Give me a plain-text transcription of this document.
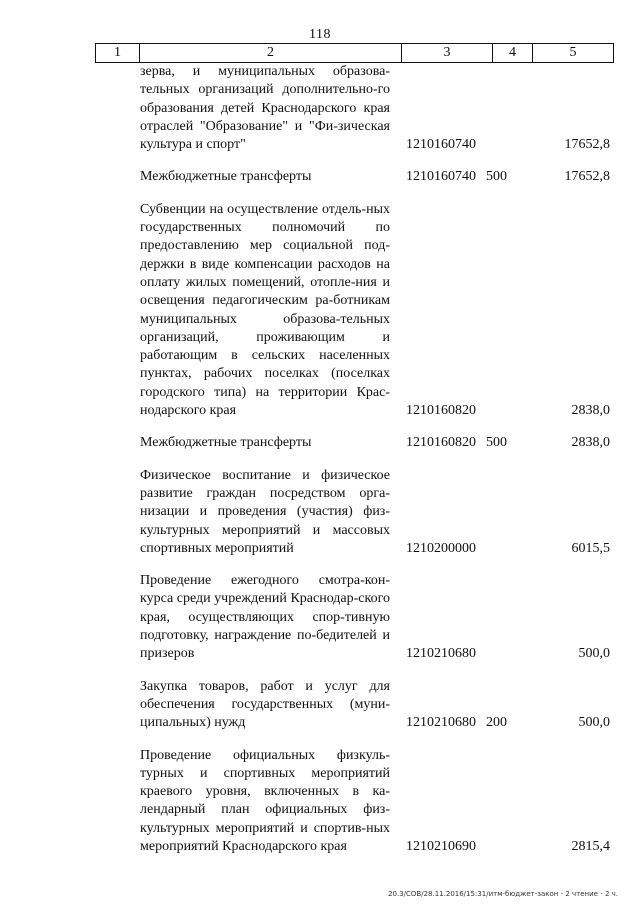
118
1	2	3	4	5
зерва, и муниципальных образова-тельных организаций дополнительно-го образования детей Краснодарского края отраслей "Образование" и "Фи-зическая культура и спорт"	1210160740	17652,8
Межбюджетные трансферты	1210160740 500	17652,8
Субвенции на осуществление отдель-ных государственных полномочий по предоставлению мер социальной под-держки в виде компенсации расходов на оплату жилых помещений, отопле-ния и освещения педагогическим ра-ботникам муниципальных образова-тельных организаций, проживающим и работающим в сельских населенных пунктах, рабочих поселках (поселках городского типа) на территории Крас-нодарского края	1210160820	2838,0
Межбюджетные трансферты	1210160820 500	2838,0
Физическое воспитание и физическое развитие граждан посредством орга-низации и проведения (участия) физ-культурных мероприятий и массовых спортивных мероприятий	1210200000	6015,5
Проведение ежегодного смотра-кон-курса среди учреждений Краснодар-ского края, осуществляющих спор-тивную подготовку, награждение по-бедителей и призеров	1210210680	500,0
Закупка товаров, работ и услуг для обеспечения государственных (муни-ципальных) нужд	1210210680 200	500,0
Проведение официальных физкуль-турных и спортивных мероприятий краевого уровня, включенных в ка-лендарный план официальных физ-культурных мероприятий и спортив-ных мероприятий Краснодарского края	1210210690	2815,4
20.3/СОВ/28.11.2016/15:31/итм-бюджет-закон - 2 чтение - 2 ч.
